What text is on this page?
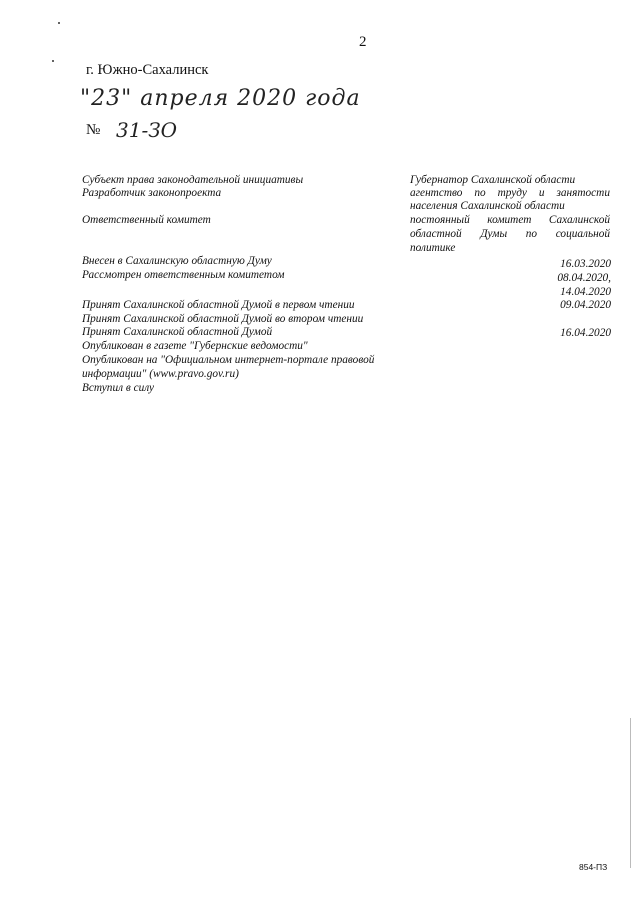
2
г. Южно-Сахалинск
"23" апреля 2020 года
№ 31-ЗО
Субъект права законодательной инициативы
Разработчик законопроекта
Ответственный комитет
Внесен в Сахалинскую областную Думу
Рассмотрен ответственным комитетом
Принят Сахалинской областной Думой в первом чтении
Принят Сахалинской областной Думой во втором чтении
Принят Сахалинской областной Думой
Опубликован в газете "Губернские ведомости"
Опубликован на "Официальном интернет-портале правовой
информации" (www.pravo.gov.ru)
Вступил в силу
Губернатор Сахалинской области
агентство по труду и занятости
населения Сахалинской области
постоянный комитет Сахалинской
областной Думы по социальной
политике
16.03.2020
08.04.2020,
14.04.2020
09.04.2020
16.04.2020
854-ПЗ
